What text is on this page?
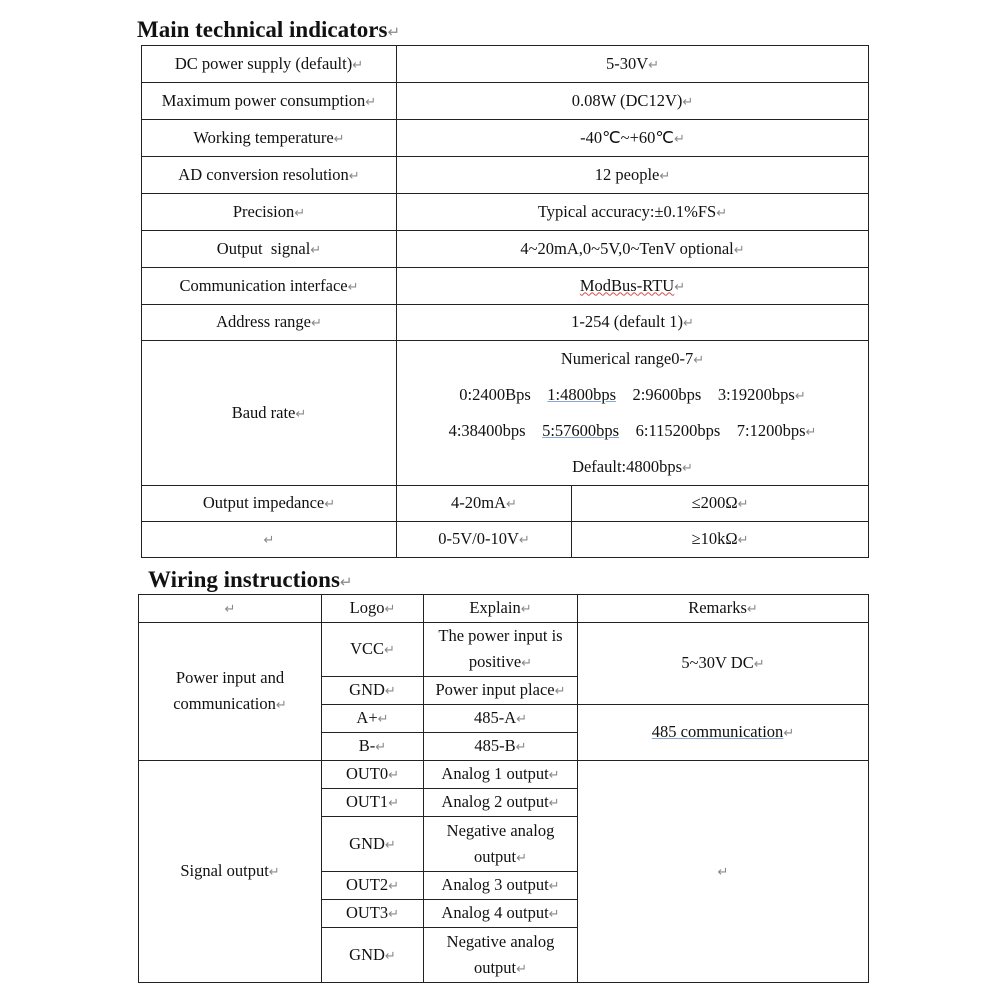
Main technical indicators↵
DC power supply (default)↵	5-30V↵	
Maximum power consumption↵	0.08W (DC12V)↵	
Working temperature↵	-40℃~+60℃↵	
AD conversion resolution↵	12 people↵	
Precision↵	Typical accuracy:±0.1%FS↵	
Output  signal↵	4~20mA,0~5V,0~TenV optional↵	
Communication interface↵	ModBus-RTU↵	
Address range↵	1-254 (default 1)↵	
Baud rate↵	Numerical range0-7↵
0:2400Bps 1:4800bps 2:9600bps 3:19200bps↵
4:38400bps 5:57600bps 6:115200bps 7:1200bps↵
Default:4800bps↵	

Output impedance↵	4-20mA↵	≤200Ω↵
↵	0-5V/0-10V↵	≥10kΩ↵
Wiring instructions↵
↵	Logo↵	Explain↵	Remarks↵
Power input and communication↵	VCC↵	The power input is positive↵	5~30V DC↵
	GND↵	Power input place↵	
	A+↵	485-A↵	485 communication↵
	B-↵	485-B↵	
Signal output↵	OUT0↵	Analog 1 output↵	↵
	OUT1↵	Analog 2 output↵	
	GND↵	Negative analog output↵	
	OUT2↵	Analog 3 output↵	
	OUT3↵	Analog 4 output↵	
	GND↵	Negative analog output↵	
